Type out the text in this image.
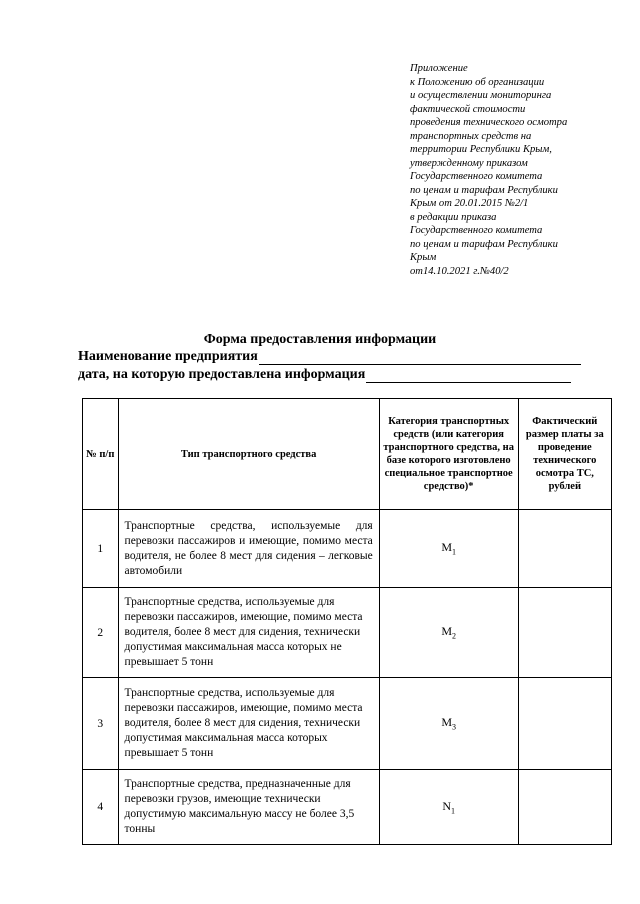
Приложение
к Положению об организации
и осуществлении мониторинга
фактической стоимости
проведения технического осмотра
транспортных средств на
территории Республики Крым,
утвержденному приказом
Государственного комитета
по ценам и тарифам Республики
Крым от 20.01.2015 №2/1
в редакции приказа
Государственного комитета
по ценам и тарифам Республики
Крым
от14.10.2021 г.№40/2
Форма предоставления информации
Наименование предприятия
дата, на которую предоставлена информация
№ п/п	Тип транспортного средства	Категория транспортных средств (или категория транспортного средства, на базе которого изготовлено специальное транспортное средство)*	Фактический размер платы за проведение технического осмотра ТС, рублей
1	Транспортные средства, используемые для перевозки пассажиров и имеющие, помимо места водителя, не более 8 мест для сидения – легковые автомобили	$M_1$	
2	Транспортные средства, используемые для перевозки пассажиров, имеющие, помимо места водителя, более 8 мест для сидения, технически допустимая максимальная масса которых не превышает 5 тонн	$M_2$	
3	Транспортные средства, используемые для перевозки пассажиров, имеющие, помимо места водителя, более 8 мест для сидения, технически допустимая максимальная масса которых превышает 5 тонн	$M_3$	
4	Транспортные средства, предназначенные для перевозки грузов, имеющие технически допустимую максимальную массу не более 3,5 тонны	$N_1$	
